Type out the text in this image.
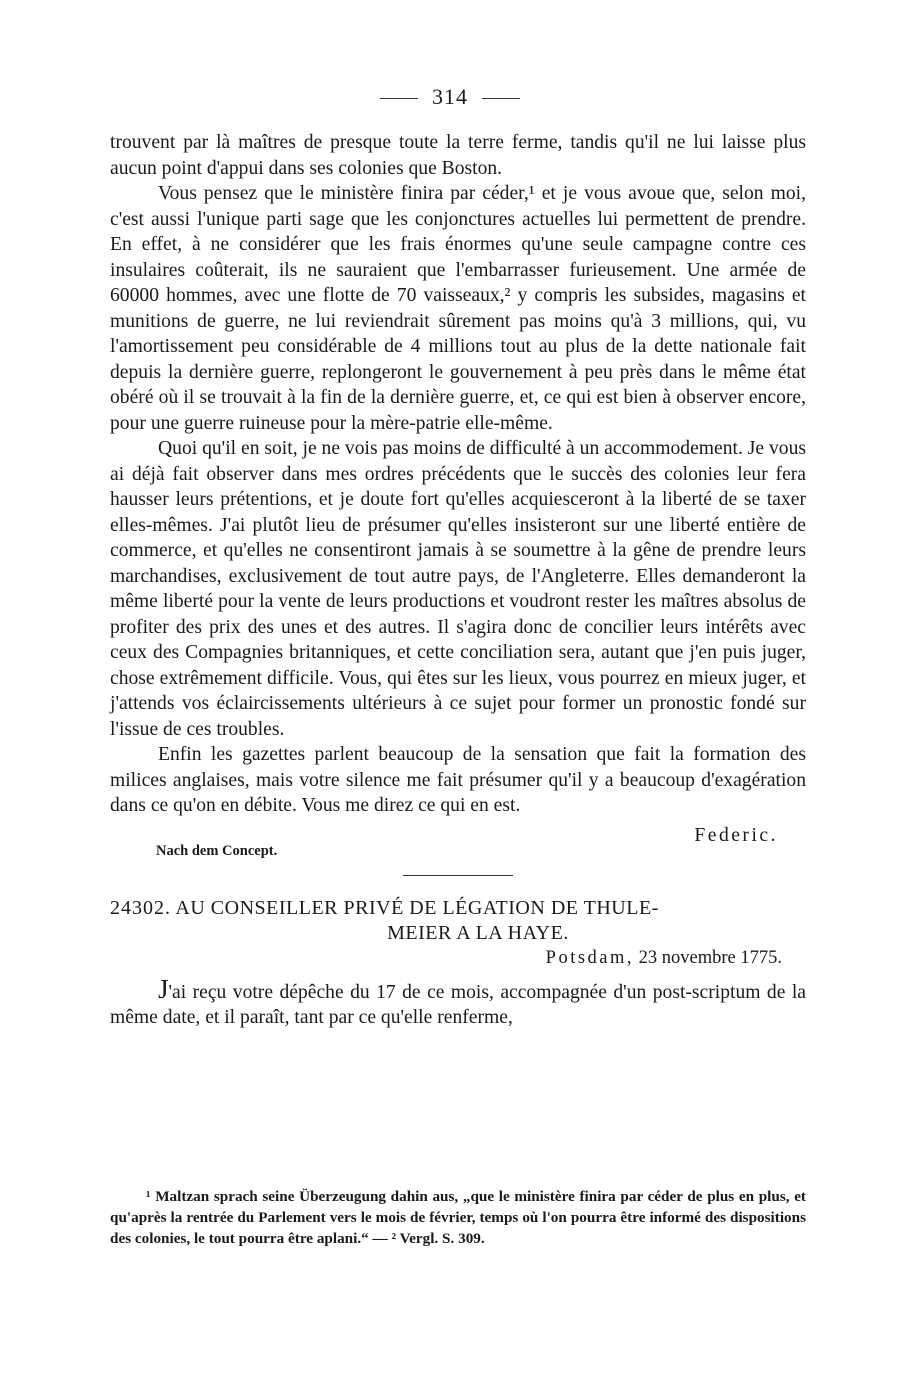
314

trouvent par là maîtres de presque toute la terre ferme, tandis qu'il ne lui laisse plus aucun point d'appui dans ses colonies que Boston.

Vous pensez que le ministère finira par céder,¹ et je vous avoue que, selon moi, c'est aussi l'unique parti sage que les conjonctures actuelles lui permettent de prendre. En effet, à ne considérer que les frais énormes qu'une seule campagne contre ces insulaires coûterait, ils ne sauraient que l'embarrasser furieusement. Une armée de 60000 hommes, avec une flotte de 70 vaisseaux,² y compris les subsides, magasins et munitions de guerre, ne lui reviendrait sûrement pas moins qu'à 3 millions, qui, vu l'amortissement peu considérable de 4 millions tout au plus de la dette nationale fait depuis la dernière guerre, replongeront le gouvernement à peu près dans le même état obéré où il se trouvait à la fin de la dernière guerre, et, ce qui est bien à observer encore, pour une guerre ruineuse pour la mère-patrie elle-même.

Quoi qu'il en soit, je ne vois pas moins de difficulté à un accommodement. Je vous ai déjà fait observer dans mes ordres précédents que le succès des colonies leur fera hausser leurs prétentions, et je doute fort qu'elles acquiesceront à la liberté de se taxer elles-mêmes. J'ai plutôt lieu de présumer qu'elles insisteront sur une liberté entière de commerce, et qu'elles ne consentiront jamais à se soumettre à la gêne de prendre leurs marchandises, exclusivement de tout autre pays, de l'Angleterre. Elles demanderont la même liberté pour la vente de leurs productions et voudront rester les maîtres absolus de profiter des prix des unes et des autres. Il s'agira donc de concilier leurs intérêts avec ceux des Compagnies britanniques, et cette conciliation sera, autant que j'en puis juger, chose extrêmement difficile. Vous, qui êtes sur les lieux, vous pourrez en mieux juger, et j'attends vos éclaircissements ultérieurs à ce sujet pour former un pronostic fondé sur l'issue de ces troubles.

Enfin les gazettes parlent beaucoup de la sensation que fait la formation des milices anglaises, mais votre silence me fait présumer qu'il y a beaucoup d'exagération dans ce qu'on en débite. Vous me direz ce qui en est.

Nach dem Concept.
Federic.
24302. AU CONSEILLER PRIVÉ DE LÉGATION DE THULE-
MEIER A LA HAYE.
Potsdam, 23 novembre 1775.

J'ai reçu votre dépêche du 17 de ce mois, accompagnée d'un post-scriptum de la même date, et il paraît, tant par ce qu'elle renferme,

¹ Maltzan sprach seine Überzeugung dahin aus, „que le ministère finira par céder de plus en plus, et qu'après la rentrée du Parlement vers le mois de février, temps où l'on pourra être informé des dispositions des colonies, le tout pourra être aplani.“ — ² Vergl. S. 309.
